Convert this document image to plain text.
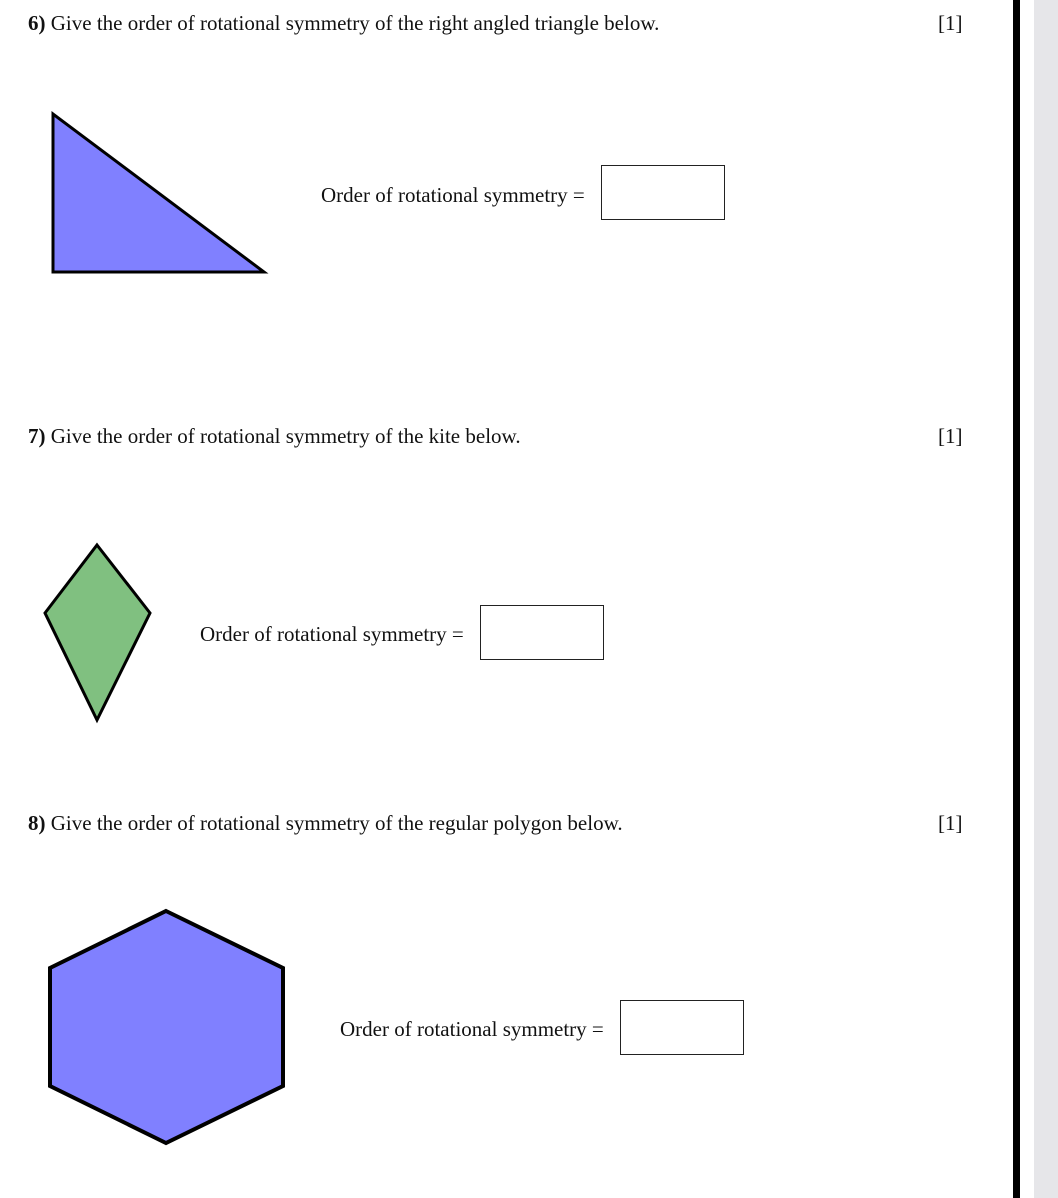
6) Give the order of rotational symmetry of the right angled triangle below.	[1]
Order of rotational symmetry =
7) Give the order of rotational symmetry of the kite below.	[1]
Order of rotational symmetry =
8) Give the order of rotational symmetry of the regular polygon below.	[1]
Order of rotational symmetry =
